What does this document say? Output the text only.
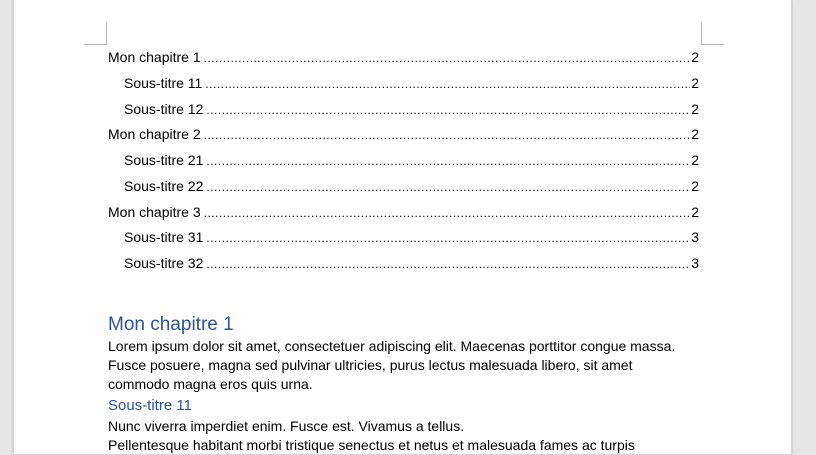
Mon chapitre 1 .....	2
Sous-titre 11 .....	2
Sous-titre 12 .....	2
Mon chapitre 2 .....	2
Sous-titre 21 .....	2
Sous-titre 22 .....	2
Mon chapitre 3 .....	2
Sous-titre 31 .....	3
Sous-titre 32 .....	3

Mon chapitre 1

Lorem ipsum dolor sit amet, consectetuer adipiscing elit. Maecenas porttitor congue massa.

Fusce posuere, magna sed pulvinar ultricies, purus lectus malesuada libero, sit amet

commodo magna eros quis urna.

Sous-titre 11

Nunc viverra imperdiet enim. Fusce est. Vivamus a tellus.

Pellentesque habitant morbi tristique senectus et netus et malesuada fames ac turpis
